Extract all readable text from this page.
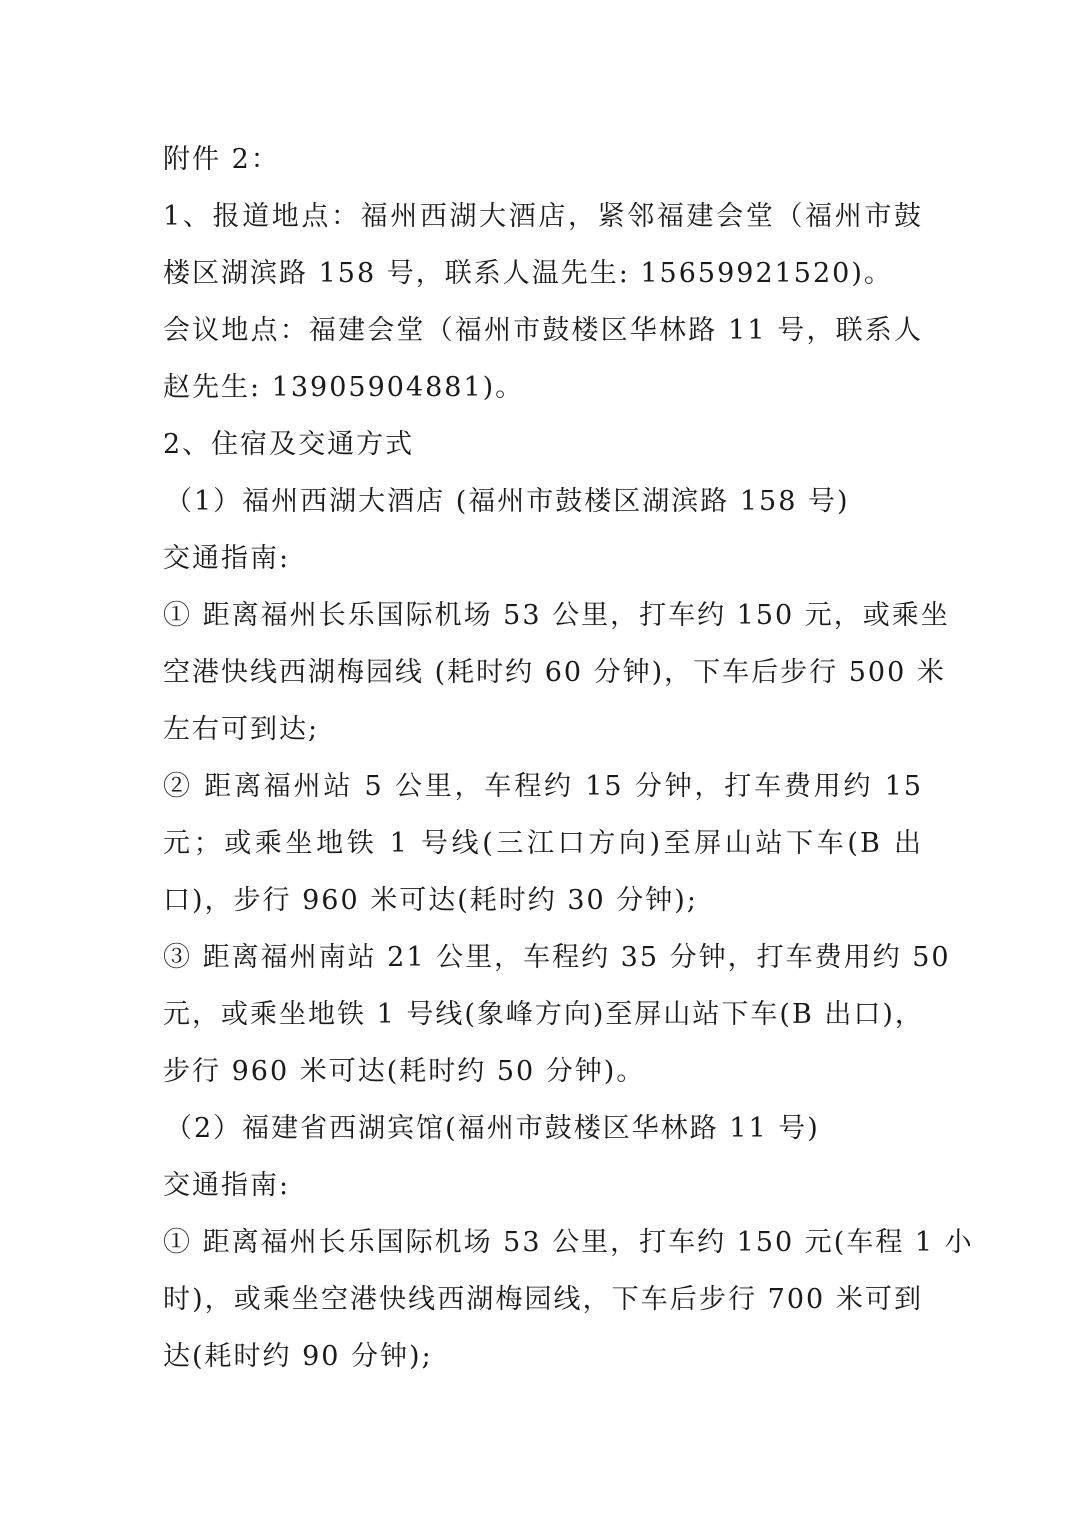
附件 2：
1、报道地点：福州西湖大酒店，紧邻福建会堂（福州市鼓
楼区湖滨路 158 号，联系人温先生: 15659921520)。
会议地点：福建会堂（福州市鼓楼区华林路 11 号，联系人
赵先生: 13905904881)。
2、住宿及交通方式
（1）福州西湖大酒店 (福州市鼓楼区湖滨路 158 号)
交通指南:
① 距离福州长乐国际机场 53 公里，打车约 150 元，或乘坐
空港快线西湖梅园线 (耗时约 60 分钟)，下车后步行 500 米
左右可到达;
② 距离福州站 5 公里，车程约 15 分钟，打车费用约 15
元；或乘坐地铁 1 号线(三江口方向)至屏山站下车(B 出
口)，步行 960 米可达(耗时约 30 分钟);
③ 距离福州南站 21 公里，车程约 35 分钟，打车费用约 50
元，或乘坐地铁 1 号线(象峰方向)至屏山站下车(B 出口)，
步行 960 米可达(耗时约 50 分钟)。
（2）福建省西湖宾馆(福州市鼓楼区华林路 11 号)
交通指南:
① 距离福州长乐国际机场 53 公里，打车约 150 元(车程 1 小
时)，或乘坐空港快线西湖梅园线，下车后步行 700 米可到
达(耗时约 90 分钟);
